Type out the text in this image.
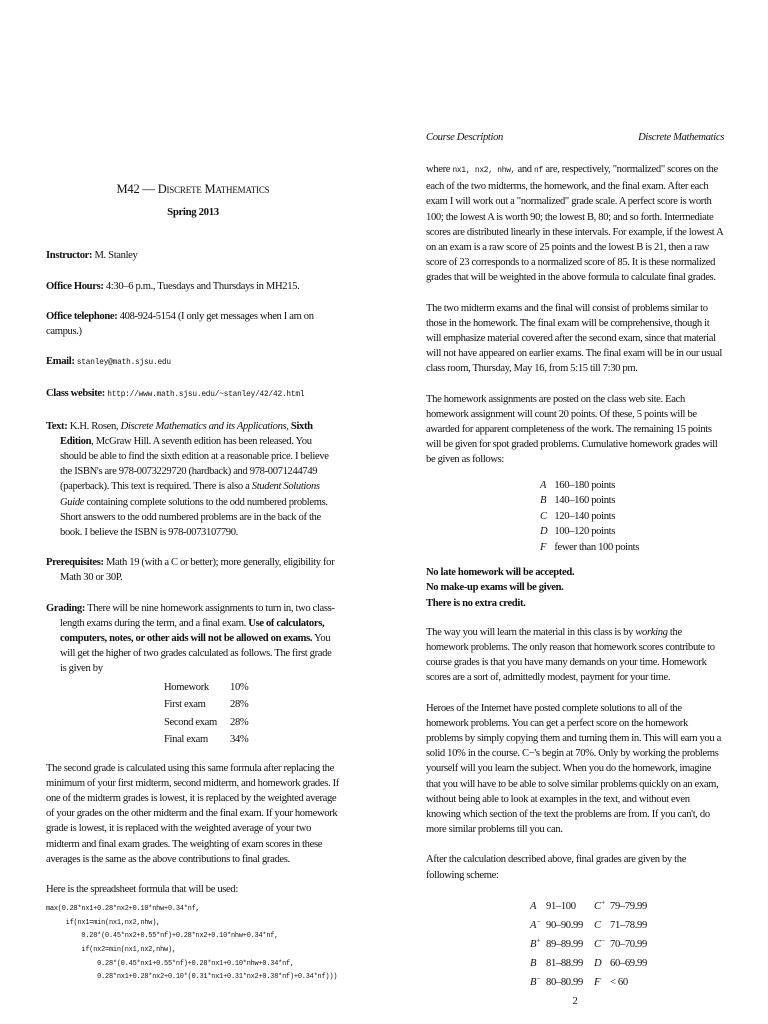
M42 — Discrete Mathematics
Spring 2013
Instructor: M. Stanley
Office Hours: 4:30–6 p.m., Tuesdays and Thursdays in MH215.
Office telephone: 408-924-5154 (I only get messages when I am on campus.)
Email: stanley@math.sjsu.edu
Class website: http://www.math.sjsu.edu/~stanley/42/42.html
Text: K.H. Rosen, Discrete Mathematics and its Applications, Sixth Edition, McGraw Hill. A seventh edition has been released. You should be able to find the sixth edition at a reasonable price. I believe the ISBN's are 978-0073229720 (hardback) and 978-0071244749 (paperback). This text is required. There is also a Student Solutions Guide containing complete solutions to the odd numbered problems. Short answers to the odd numbered problems are in the back of the book. I believe the ISBN is 978-0073107790.
Prerequisites: Math 19 (with a C or better); more generally, eligibility for Math 30 or 30P.
Grading: There will be nine homework assignments to turn in, two class-length exams during the term, and a final exam. Use of calculators, computers, notes, or other aids will not be allowed on exams. You will get the higher of two grades calculated as follows. The first grade is given by
Homework	10%
First exam	28%
Second exam	28%
Final exam	34%
The second grade is calculated using this same formula after replacing the minimum of your first midterm, second midterm, and homework grades. If one of the midterm grades is lowest, it is replaced by the weighted average of your grades on the other midterm and the final exam. If your homework grade is lowest, it is replaced with the weighted average of your two midterm and final exam grades. The weighting of exam scores in these averages is the same as the above contributions to final grades.
Here is the spreadsheet formula that will be used:
max(0.28*nx1+0.28*nx2+0.10*nhw+0.34*nf,
if(nx1=min(nx1,nx2,nhw),
0.28*(0.45*nx2+0.55*nf)+0.28*nx2+0.10*nhw+0.34*nf,
if(nx2=min(nx1,nx2,nhw),
0.28*(0.45*nx1+0.55*nf)+0.28*nx1+0.10*nhw+0.34*nf,
0.28*nx1+0.28*nx2+0.10*(0.31*nx1+0.31*nx2+0.38*nf)+0.34*nf)))
Course Description	Discrete Mathematics
where nx1, nx2, nhw, and nf are, respectively, "normalized" scores on the each of the two midterms, the homework, and the final exam. After each exam I will work out a "normalized" grade scale. A perfect score is worth 100; the lowest A is worth 90; the lowest B, 80; and so forth. Intermediate scores are distributed linearly in these intervals. For example, if the lowest A on an exam is a raw score of 25 points and the lowest B is 21, then a raw score of 23 corresponds to a normalized score of 85. It is these normalized grades that will be weighted in the above formula to calculate final grades.
The two midterm exams and the final will consist of problems similar to those in the homework. The final exam will be comprehensive, though it will emphasize material covered after the second exam, since that material will not have appeared on earlier exams. The final exam will be in our usual class room, Thursday, May 16, from 5:15 till 7:30 pm.
The homework assignments are posted on the class web site. Each homework assignment will count 20 points. Of these, 5 points will be awarded for apparent completeness of the work. The remaining 15 points will be given for spot graded problems. Cumulative homework grades will be given as follows:
A 160–180 points
B 140–160 points
C 120–140 points
D 100–120 points
F fewer than 100 points
No late homework will be accepted.
No make-up exams will be given.
There is no extra credit.
The way you will learn the material in this class is by working the homework problems. The only reason that homework scores contribute to course grades is that you have many demands on your time. Homework scores are a sort of, admittedly modest, payment for your time.
Heroes of the Internet have posted complete solutions to all of the homework problems. You can get a perfect score on the homework problems by simply copying them and turning them in. This will earn you a solid 10% in the course. C−'s begin at 70%. Only by working the problems yourself will you learn the subject. When you do the homework, imagine that you will have to be able to solve similar problems quickly on an exam, without being able to look at examples in the text, and without even knowing which section of the text the problems are from. If you can't, do more similar problems till you can.
After the calculation described above, final grades are given by the following scheme:
A	91–100	C+	79–79.99
A−	90–90.99	C	71–78.99
B+	89–89.99	C−	70–70.99
B	81–88.99	D	60–69.99
B−	80–80.99	F	< 60
2
